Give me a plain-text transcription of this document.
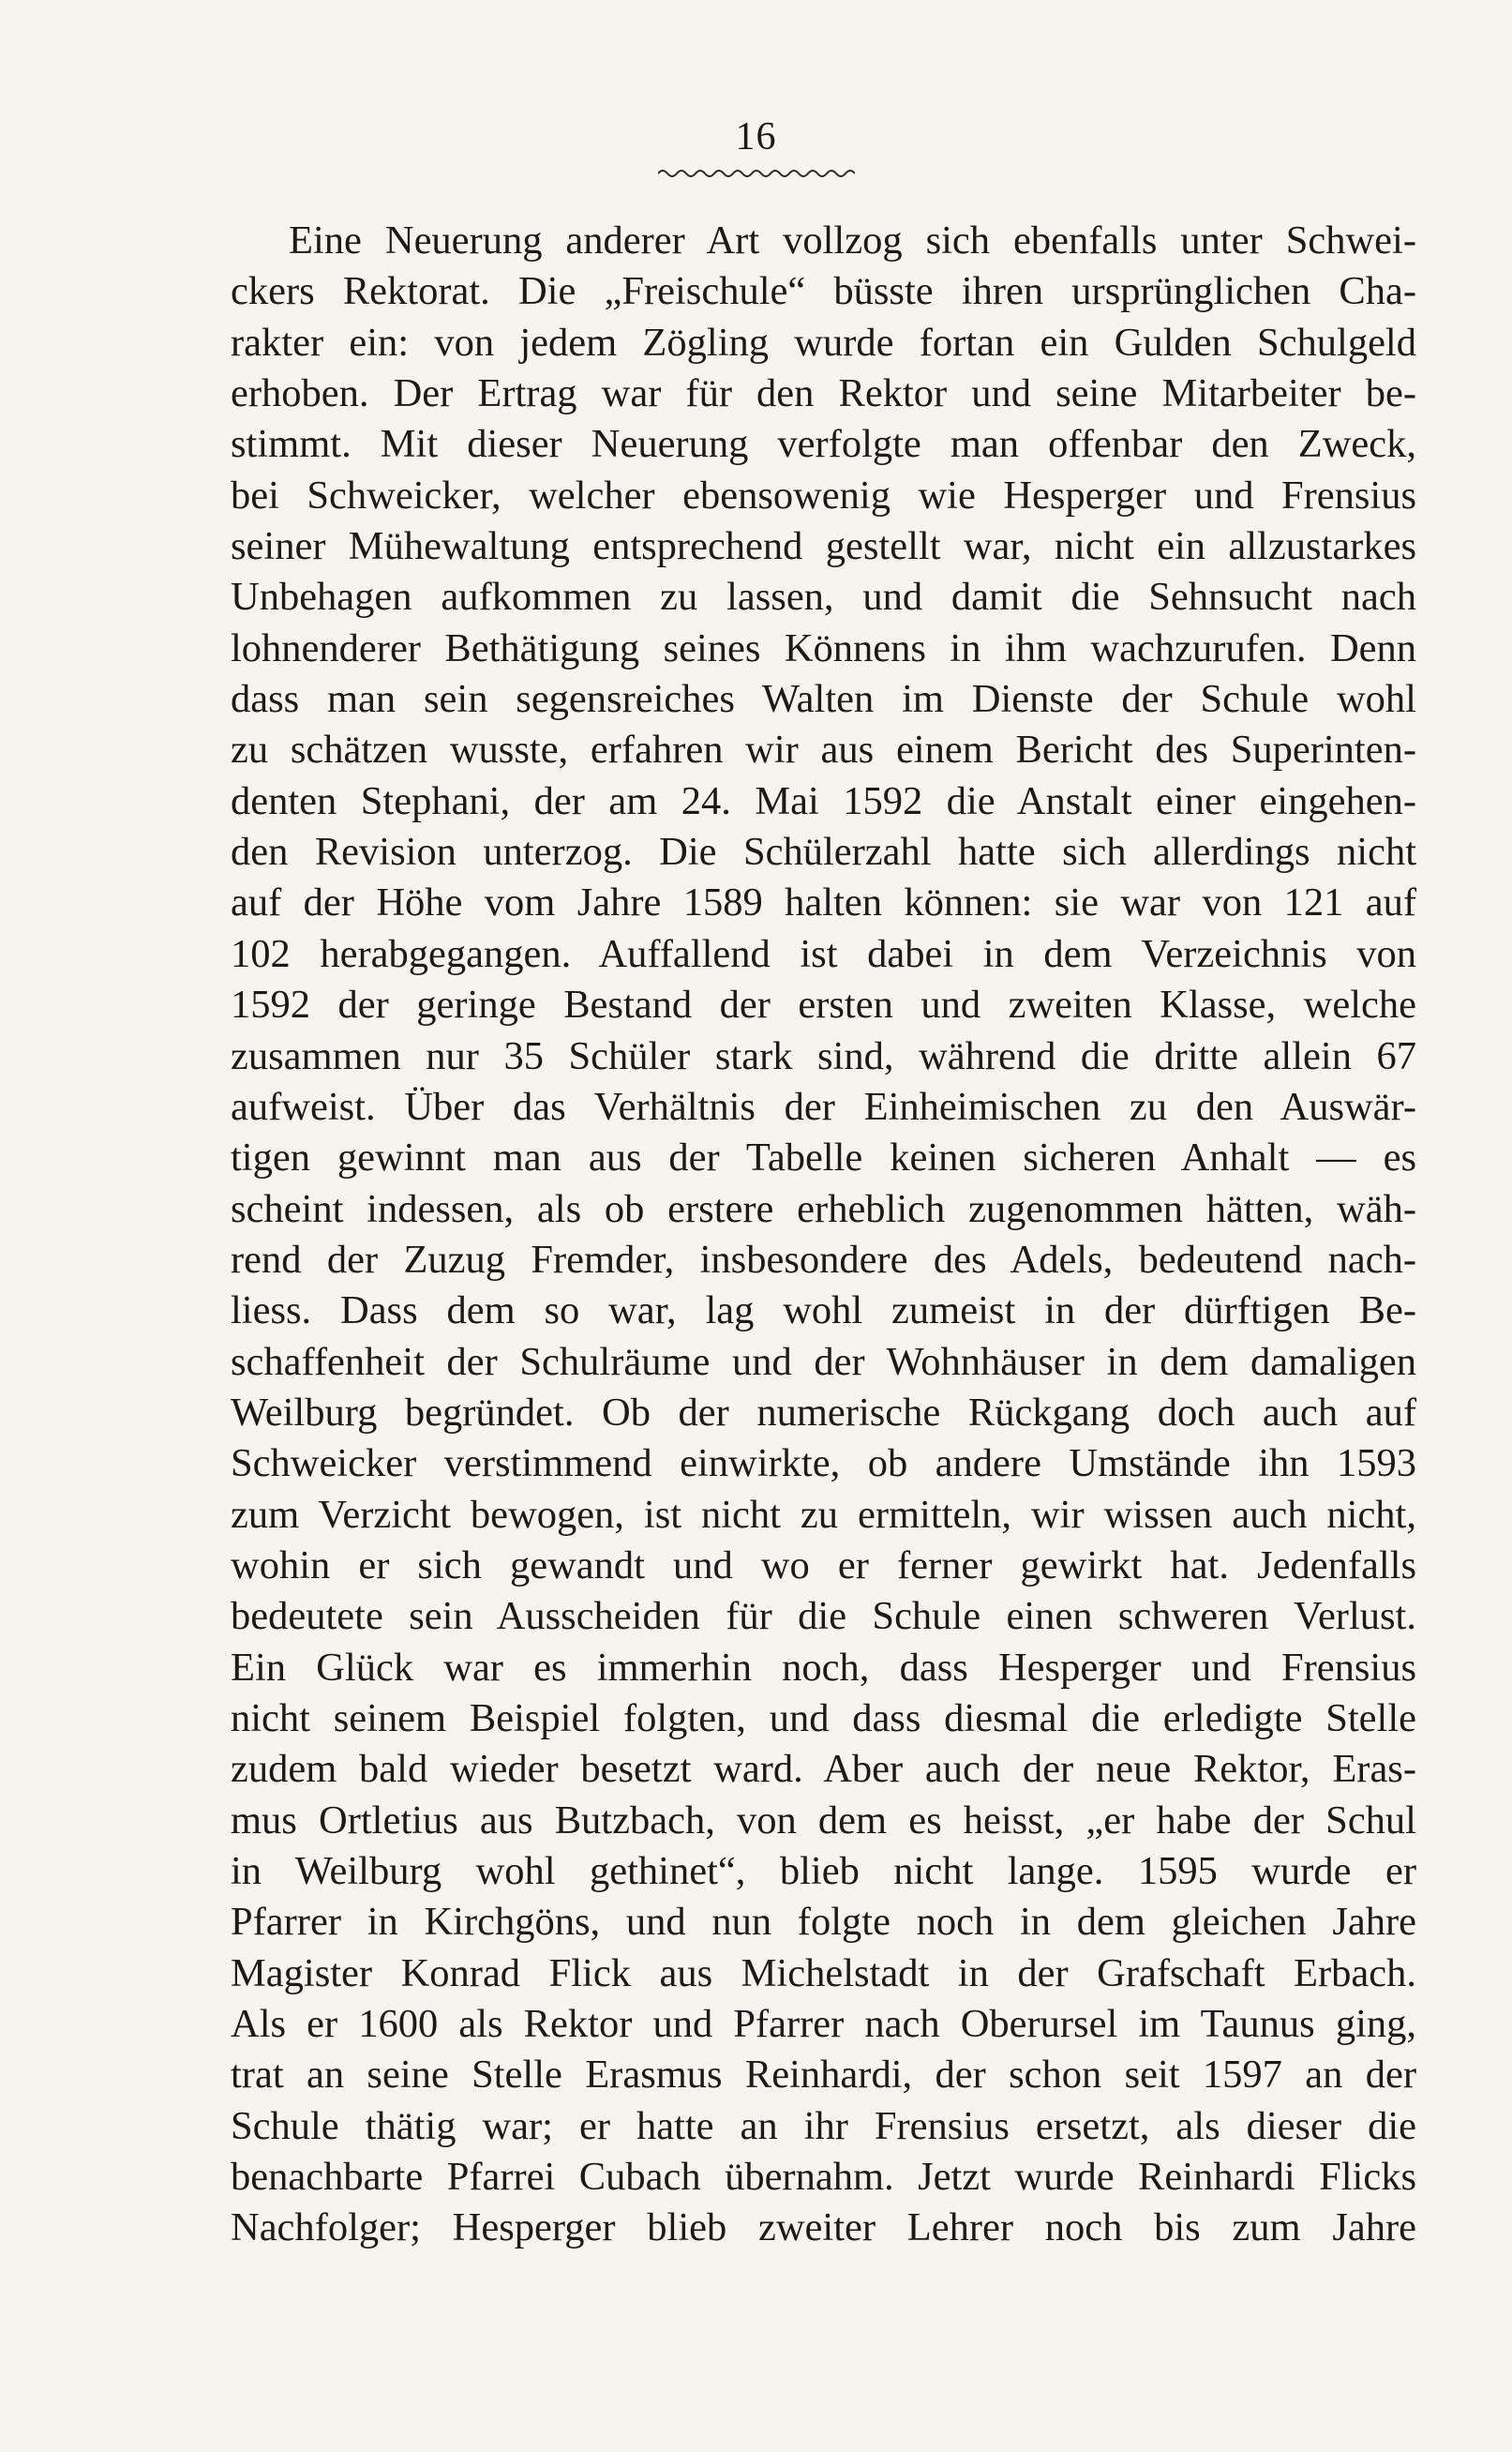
16
Eine Neuerung anderer Art vollzog sich ebenfalls unter Schwei-
ckers Rektorat. Die „Freischule“ büsste ihren ursprünglichen Cha-
rakter ein: von jedem Zögling wurde fortan ein Gulden Schulgeld
erhoben. Der Ertrag war für den Rektor und seine Mitarbeiter be-
stimmt. Mit dieser Neuerung verfolgte man offenbar den Zweck,
bei Schweicker, welcher ebensowenig wie Hesperger und Frensius
seiner Mühewaltung entsprechend gestellt war, nicht ein allzustarkes
Unbehagen aufkommen zu lassen, und damit die Sehnsucht nach
lohnenderer Bethätigung seines Könnens in ihm wachzurufen. Denn
dass man sein segensreiches Walten im Dienste der Schule wohl
zu schätzen wusste, erfahren wir aus einem Bericht des Superinten-
denten Stephani, der am 24. Mai 1592 die Anstalt einer eingehen-
den Revision unterzog. Die Schülerzahl hatte sich allerdings nicht
auf der Höhe vom Jahre 1589 halten können: sie war von 121 auf
102 herabgegangen. Auffallend ist dabei in dem Verzeichnis von
1592 der geringe Bestand der ersten und zweiten Klasse, welche
zusammen nur 35 Schüler stark sind, während die dritte allein 67
aufweist. Über das Verhältnis der Einheimischen zu den Auswär-
tigen gewinnt man aus der Tabelle keinen sicheren Anhalt — es
scheint indessen, als ob erstere erheblich zugenommen hätten, wäh-
rend der Zuzug Fremder, insbesondere des Adels, bedeutend nach-
liess. Dass dem so war, lag wohl zumeist in der dürftigen Be-
schaffenheit der Schulräume und der Wohnhäuser in dem damaligen
Weilburg begründet. Ob der numerische Rückgang doch auch auf
Schweicker verstimmend einwirkte, ob andere Umstände ihn 1593
zum Verzicht bewogen, ist nicht zu ermitteln, wir wissen auch nicht,
wohin er sich gewandt und wo er ferner gewirkt hat. Jedenfalls
bedeutete sein Ausscheiden für die Schule einen schweren Verlust.
Ein Glück war es immerhin noch, dass Hesperger und Frensius
nicht seinem Beispiel folgten, und dass diesmal die erledigte Stelle
zudem bald wieder besetzt ward. Aber auch der neue Rektor, Eras-
mus Ortletius aus Butzbach, von dem es heisst, „er habe der Schul
in Weilburg wohl gethinet“, blieb nicht lange. 1595 wurde er
Pfarrer in Kirchgöns, und nun folgte noch in dem gleichen Jahre
Magister Konrad Flick aus Michelstadt in der Grafschaft Erbach.
Als er 1600 als Rektor und Pfarrer nach Oberursel im Taunus ging,
trat an seine Stelle Erasmus Reinhardi, der schon seit 1597 an der
Schule thätig war; er hatte an ihr Frensius ersetzt, als dieser die
benachbarte Pfarrei Cubach übernahm. Jetzt wurde Reinhardi Flicks
Nachfolger; Hesperger blieb zweiter Lehrer noch bis zum Jahre
